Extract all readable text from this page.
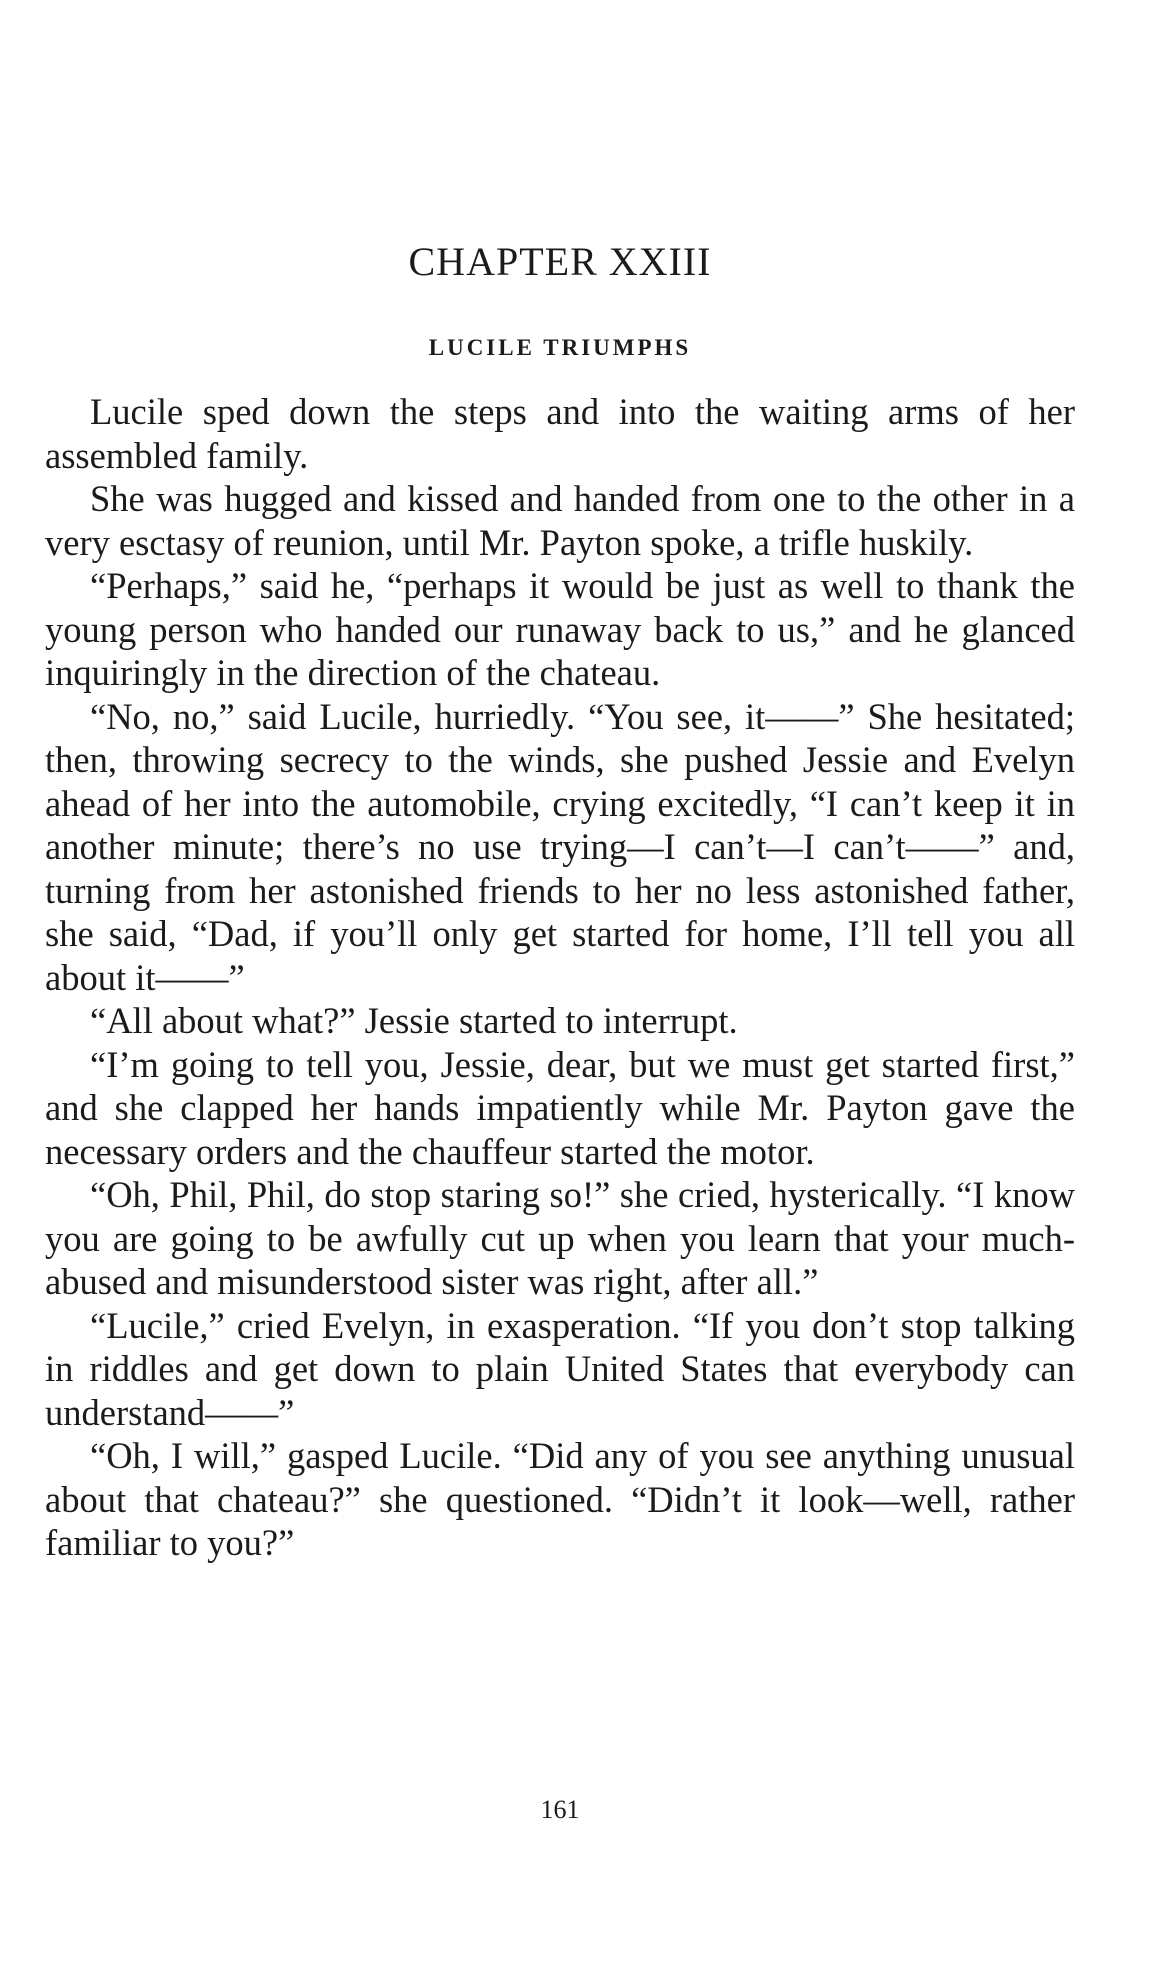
CHAPTER XXIII
LUCILE TRIUMPHS

Lucile sped down the steps and into the waiting arms of her assembled family.

She was hugged and kissed and handed from one to the other in a very esctasy of reunion, until Mr. Payton spoke, a trifle huskily.

“Perhaps,” said he, “perhaps it would be just as well to thank the young person who handed our runaway back to us,” and he glanced inquiringly in the direction of the chateau.

“No, no,” said Lucile, hurriedly. “You see, it——” She hesitated; then, throwing secrecy to the winds, she pushed Jessie and Evelyn ahead of her into the automobile, crying excitedly, “I can’t keep it in another minute; there’s no use trying—I can’t—I can’t——” and, turning from her astonished friends to her no less astonished father, she said, “Dad, if you’ll only get started for home, I’ll tell you all about it——”

“All about what?” Jessie started to interrupt.

“I’m going to tell you, Jessie, dear, but we must get started first,” and she clapped her hands impatiently while Mr. Payton gave the necessary orders and the chauffeur started the motor.

“Oh, Phil, Phil, do stop staring so!” she cried, hysterically. “I know you are going to be awfully cut up when you learn that your much-abused and misunderstood sister was right, after all.”

“Lucile,” cried Evelyn, in exasperation. “If you don’t stop talking in riddles and get down to plain United States that everybody can understand——”

“Oh, I will,” gasped Lucile. “Did any of you see anything unusual about that chateau?” she questioned. “Didn’t it look—well, rather familiar to you?”

161
